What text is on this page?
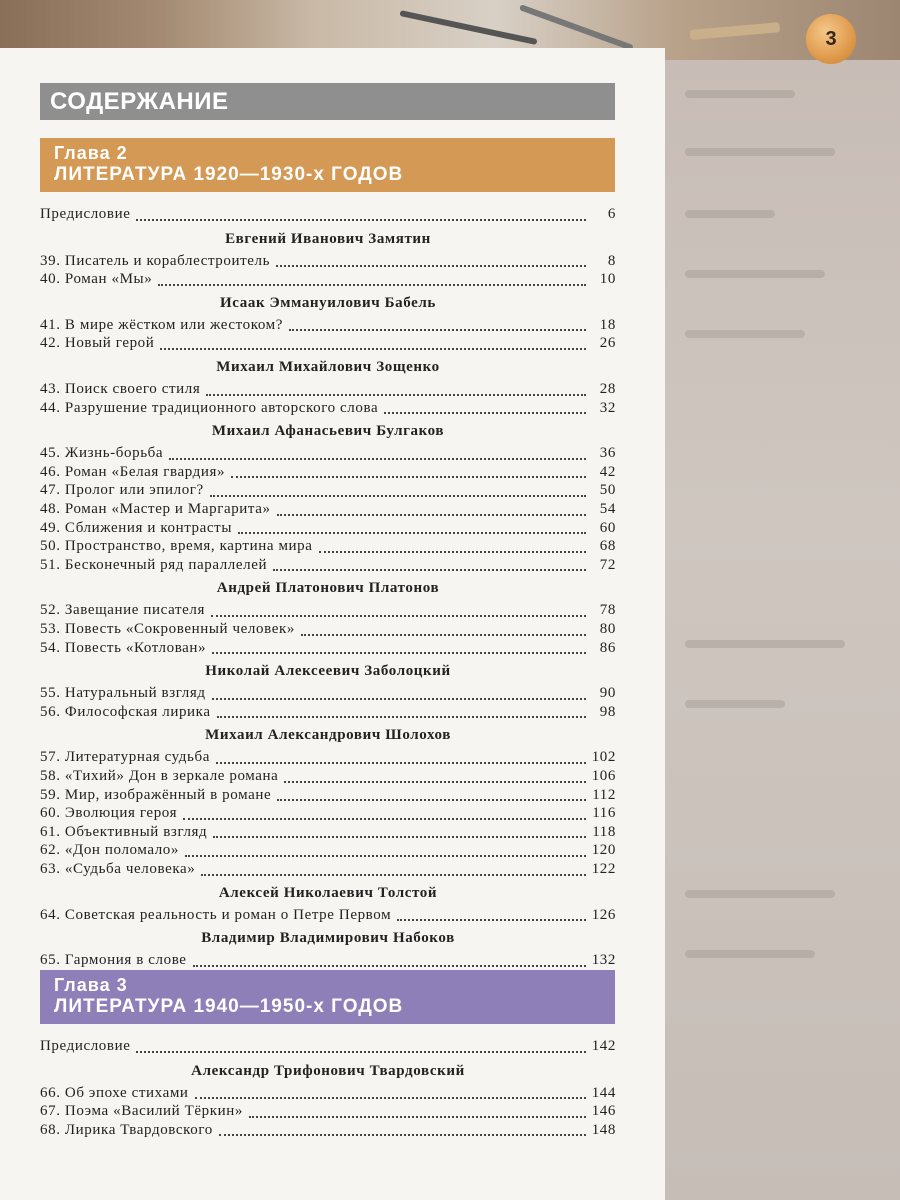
3
СОДЕРЖАНИЕ
Глава 2
ЛИТЕРАТУРА 1920—1930-х ГОДОВ
Глава 3
ЛИТЕРАТУРА 1940—1950-х ГОДОВ
Предисловие	6
Евгений Иванович Замятин
39. Писатель и кораблестроитель	8
40. Роман «Мы»	10
Исаак Эммануилович Бабель
41. В мире жёстком или жестоком?	18
42. Новый герой	26
Михаил Михайлович Зощенко
43. Поиск своего стиля	28
44. Разрушение традиционного авторского слова	32
Михаил Афанасьевич Булгаков
45. Жизнь-борьба	36
46. Роман «Белая гвардия»	42
47. Пролог или эпилог?	50
48. Роман «Мастер и Маргарита»	54
49. Сближения и контрасты	60
50. Пространство, время, картина мира	68
51. Бесконечный ряд параллелей	72
Андрей Платонович Платонов
52. Завещание писателя	78
53. Повесть «Сокровенный человек»	80
54. Повесть «Котлован»	86
Николай Алексеевич Заболоцкий
55. Натуральный взгляд	90
56. Философская лирика	98
Михаил Александрович Шолохов
57. Литературная судьба	102
58. «Тихий» Дон в зеркале романа	106
59. Мир, изображённый в романе	112
60. Эволюция героя	116
61. Объективный взгляд	118
62. «Дон поломало»	120
63. «Судьба человека»	122
Алексей Николаевич Толстой
64. Советская реальность и роман о Петре Первом	126
Владимир Владимирович Набоков
65. Гармония в слове	132
Предисловие	142
Александр Трифонович Твардовский
66. Об эпохе стихами	144
67. Поэма «Василий Тёркин»	146
68. Лирика Твардовского	148
